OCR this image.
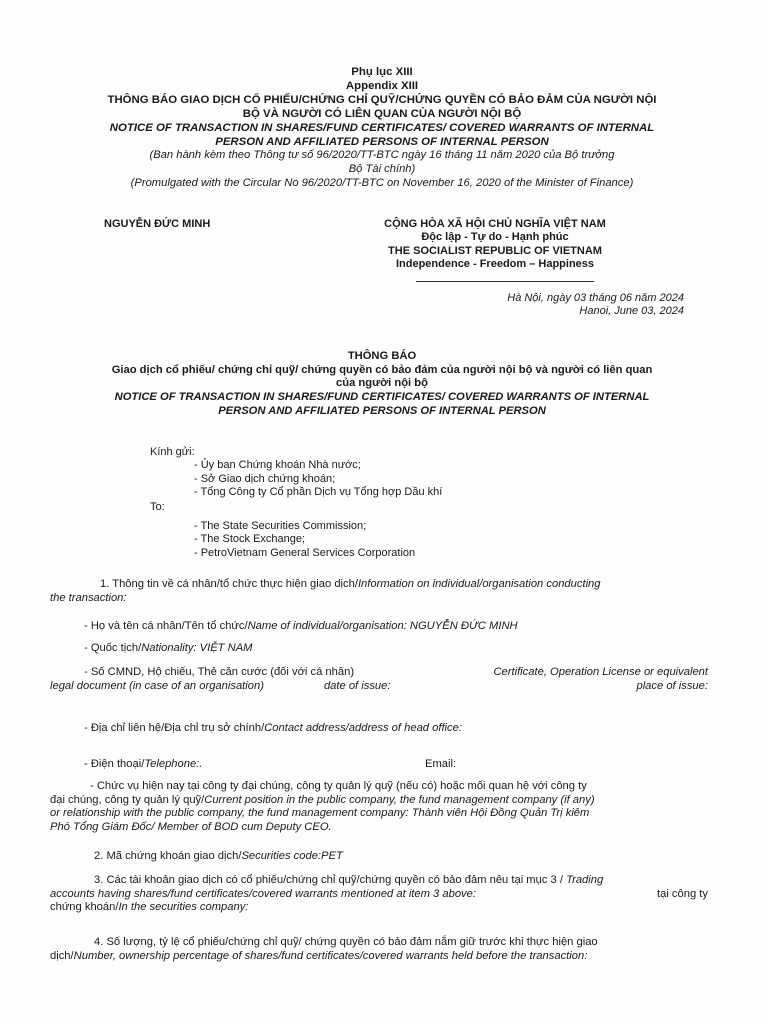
Phụ lục XIII
Appendix XIII
THÔNG BÁO GIAO DỊCH CỔ PHIẾU/CHỨNG CHỈ QUỸ/CHỨNG QUYỀN CÓ BẢO ĐẢM CỦA NGƯỜI NỘI
BỘ VÀ NGƯỜI CÓ LIÊN QUAN CỦA NGƯỜI NỘI BỘ
NOTICE OF TRANSACTION IN SHARES/FUND CERTIFICATES/ COVERED WARRANTS OF INTERNAL
PERSON AND AFFILIATED PERSONS OF INTERNAL PERSON
(Ban hành kèm theo Thông tư số 96/2020/TT-BTC ngày 16 tháng 11 năm 2020 của Bộ trưởng
Bộ Tài chính)
(Promulgated with the Circular No 96/2020/TT-BTC on November 16, 2020 of the Minister of Finance)
NGUYỄN ĐỨC MINH	CỘNG HÒA XÃ HỘI CHỦ NGHĨA VIỆT NAM
Độc lập - Tự do - Hạnh phúc
THE SOCIALIST REPUBLIC OF VIETNAM
Independence - Freedom – Happiness
Hà Nội, ngày 03 tháng 06 năm 2024
Hanoi, June 03, 2024
THÔNG BÁO
Giao dịch cổ phiếu/ chứng chỉ quỹ/ chứng quyền có bảo đảm của người nội bộ và người có liên quan
của người nội bộ
NOTICE OF TRANSACTION IN SHARES/FUND CERTIFICATES/ COVERED WARRANTS OF INTERNAL
PERSON AND AFFILIATED PERSONS OF INTERNAL PERSON
Kính gửi:
- Ủy ban Chứng khoán Nhà nước;
- Sở Giao dịch chứng khoán;
- Tổng Công ty Cổ phần Dịch vụ Tổng hợp Dầu khí
To:
- The State Securities Commission;
- The Stock Exchange;
- PetroVietnam General Services Corporation
1. Thông tin về cá nhân/tổ chức thực hiện giao dịch/Information on individual/organisation conducting
the transaction:
- Họ và tên cá nhân/Tên tổ chức/Name of individual/organisation: NGUYỄN ĐỨC MINH
- Quốc tịch/Nationality: VIỆT NAM
- Số CMND, Hộ chiếu, Thẻ căn cước (đối với cá nhân)	Certificate, Operation License or equivalent
legal document (in case of an organisation)	date of issue:	place of issue:
- Địa chỉ liên hệ/Địa chỉ trụ sở chính/Contact address/address of head office:
- Điện thoại/Telephone:.	Email:
- Chức vụ hiện nay tại công ty đại chúng, công ty quản lý quỹ (nếu có) hoặc mối quan hệ với công ty
đại chúng, công ty quản lý quỹ/Current position in the public company, the fund management company (if any)
or relationship with the public company, the fund management company: Thành viên Hội Đồng Quản Trị kiêm
Phó Tổng Giám Đốc/ Member of BOD cum Deputy CEO.
2. Mã chứng khoán giao dịch/Securities code:PET
3. Các tài khoản giao dịch có cổ phiếu/chứng chỉ quỹ/chứng quyền có bảo đảm nêu tại mục 3 / Trading
accounts having shares/fund certificates/covered warrants mentioned at item 3 above:	tại công ty
chứng khoán/In the securities company:
4. Số lượng, tỷ lệ cổ phiếu/chứng chỉ quỹ/ chứng quyền có bảo đảm nắm giữ trước khi thực hiện giao
dịch/Number, ownership percentage of shares/fund certificates/covered warrants held before the transaction:
